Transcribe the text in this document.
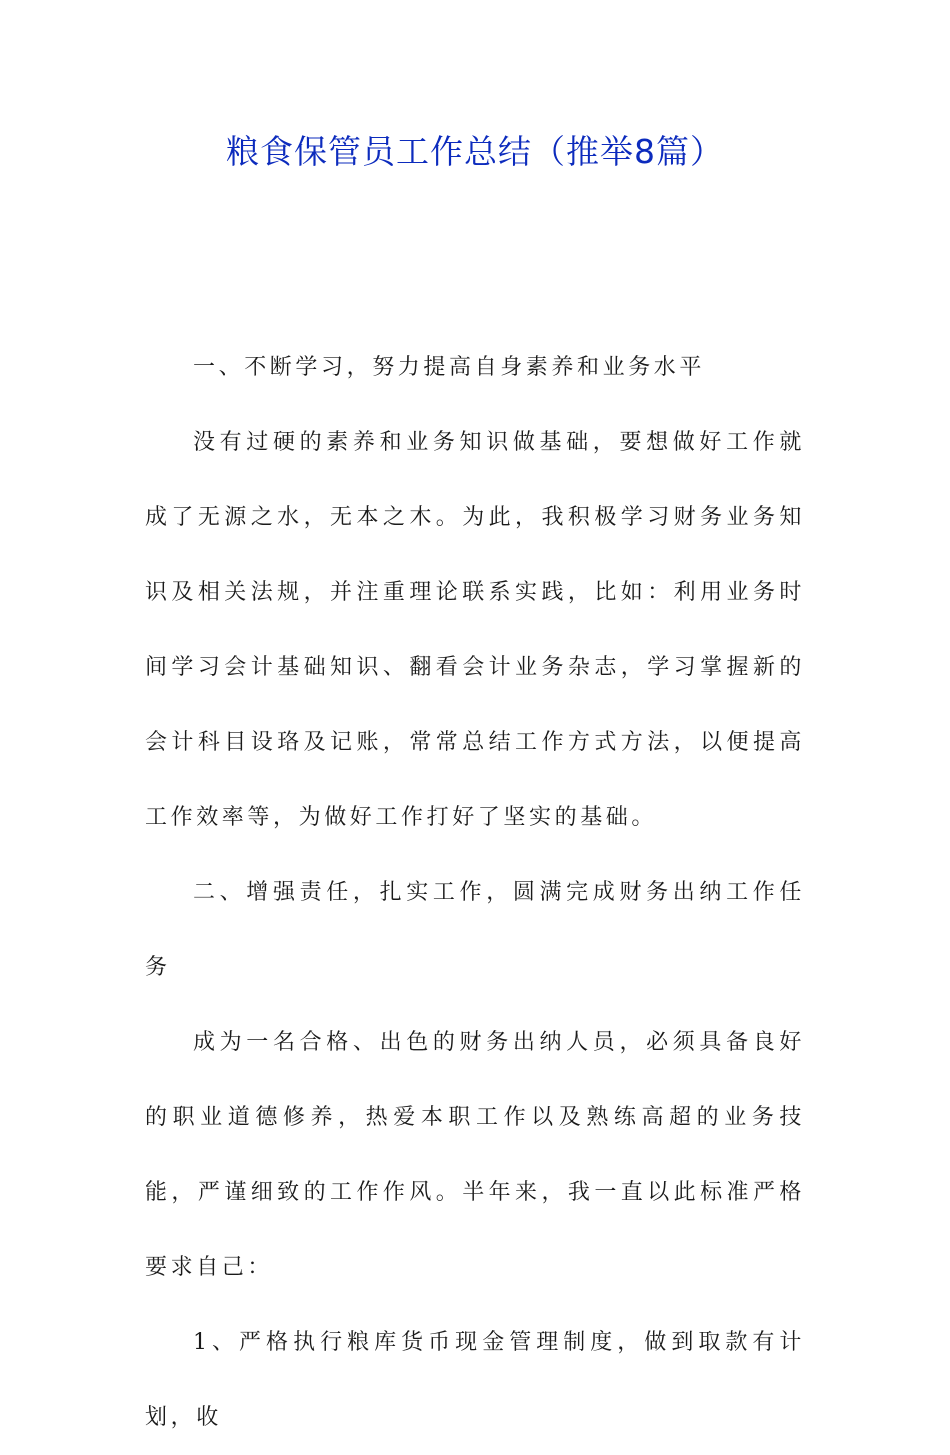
粮食保管员工作总结（推举8篇）

一、不断学习，努力提高自身素养和业务水平

没有过硬的素养和业务知识做基础，要想做好工作就成了无源之水，无本之木。为此，我积极学习财务业务知识及相关法规，并注重理论联系实践，比如：利用业务时间学习会计基础知识、翻看会计业务杂志，学习掌握新的会计科目设珞及记账，常常总结工作方式方法，以便提高工作效率等，为做好工作打好了坚实的基础。

二、增强责任，扎实工作，圆满完成财务出纳工作任务

成为一名合格、出色的财务出纳人员，必须具备良好的职业道德修养，热爱本职工作以及熟练高超的业务技能，严谨细致的工作作风。半年来，我一直以此标准严格要求自己：

1、严格执行粮库货币现金管理制度，做到取款有计划，收
